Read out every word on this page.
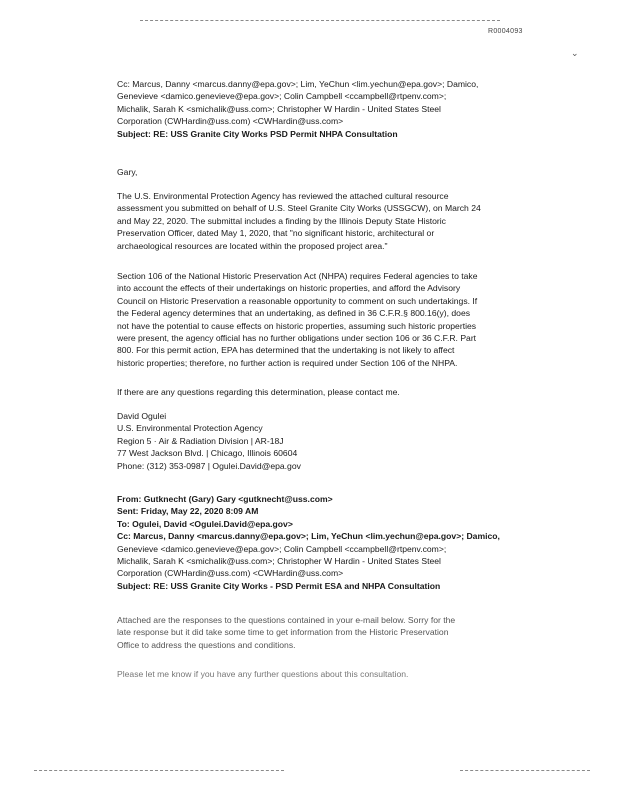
R0004093
⌄
Cc: Marcus, Danny <marcus.danny@epa.gov>; Lim, YeChun <lim.yechun@epa.gov>; Damico,
Genevieve <damico.genevieve@epa.gov>; Colin Campbell <ccampbell@rtpenv.com>;
Michalik, Sarah K <smichalik@uss.com>; Christopher W Hardin - United States Steel
Corporation (CWHardin@uss.com) <CWHardin@uss.com>
Subject: RE: USS Granite City Works PSD Permit NHPA Consultation
Gary,
The U.S. Environmental Protection Agency has reviewed the attached cultural resource
assessment you submitted on behalf of U.S. Steel Granite City Works (USSGCW), on March 24
and May 22, 2020. The submittal includes a finding by the Illinois Deputy State Historic
Preservation Officer, dated May 1, 2020, that "no significant historic, architectural or
archaeological resources are located within the proposed project area."
Section 106 of the National Historic Preservation Act (NHPA) requires Federal agencies to take
into account the effects of their undertakings on historic properties, and afford the Advisory
Council on Historic Preservation a reasonable opportunity to comment on such undertakings. If
the Federal agency determines that an undertaking, as defined in 36 C.F.R.§ 800.16(y), does
not have the potential to cause effects on historic properties, assuming such historic properties
were present, the agency official has no further obligations under section 106 or 36 C.F.R. Part
800. For this permit action, EPA has determined that the undertaking is not likely to affect
historic properties; therefore, no further action is required under Section 106 of the NHPA.
If there are any questions regarding this determination, please contact me.
David Ogulei
U.S. Environmental Protection Agency
Region 5 · Air & Radiation Division | AR-18J
77 West Jackson Blvd. | Chicago, Illinois 60604
Phone: (312) 353-0987 | Ogulei.David@epa.gov
From: Gutknecht (Gary) Gary <gutknecht@uss.com>
Sent: Friday, May 22, 2020 8:09 AM
To: Ogulei, David <Ogulei.David@epa.gov>
Cc: Marcus, Danny <marcus.danny@epa.gov>; Lim, YeChun <lim.yechun@epa.gov>; Damico,
Genevieve <damico.genevieve@epa.gov>; Colin Campbell <ccampbell@rtpenv.com>;
Michalik, Sarah K <smichalik@uss.com>; Christopher W Hardin - United States Steel
Corporation (CWHardin@uss.com) <CWHardin@uss.com>
Subject: RE: USS Granite City Works - PSD Permit ESA and NHPA Consultation
Attached are the responses to the questions contained in your e-mail below. Sorry for the
late response but it did take some time to get information from the Historic Preservation
Office to address the questions and conditions.
Please let me know if you have any further questions about this consultation.
